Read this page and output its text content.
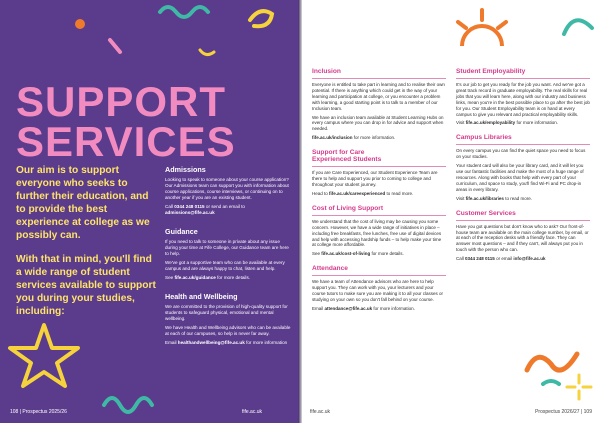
SUPPORT
SERVICES

Our aim is to support everyone who seeks to further their education, and to provide the best experience at college as we possibly can.

With that in mind, you'll find a wide range of student services available to support you during your studies, including:

Admissions

Looking to speak to someone about your course application? Our Admissions team can support you with information about course applications, course interviews, or continuing on to another year if you are an existing student.

Call 0344 248 0115 or send an email to admissions@fife.ac.uk

Guidance

If you need to talk to someone in private about any issue during your time at Fife College, our Guidance team are here to help.

We've got a supportive team who can be available at every campus and are always happy to chat, listen and help.

See fife.ac.uk/guidance for more details.

Health and Wellbeing

We are committed to the provision of high-quality support for students to safeguard physical, emotional and mental wellbeing.

We have Health and Wellbeing advisors who can be available at each of our campuses, so help is never far away.

Email healthandwellbeing@fife.ac.uk for more information

108 | Prospectus 2025/26	fife.ac.uk
Inclusion

Everyone is entitled to take part in learning and to realise their own potential. If there is anything which could get in the way of your learning and participation at college, or you encounter a problem with learning, a good starting point is to talk to a member of our Inclusion team.

We have an inclusion team available at Student Learning Hubs on every campus where you can drop in for advice and support when needed.

fife.ac.uk/inclusion for more information.

Support for Care
Experienced Students

If you are Care Experienced, our Student Experience Team are there to help and support you prior to coming to college and throughout your student journey.

Head to fife.ac.uk/careexperienced to read more.

Cost of Living Support

We understand that the cost of living may be causing you some concern. However, we have a wide range of initiatives in place – including free breakfasts, free lunches, free use of digital devices and help with accessing hardship funds – to help make your time at college more affordable.

See fife.ac.uk/cost-of-living for more details.

Attendance

We have a team of Attendance advisors who are here to help support you. They can work with you, your lecturers and your course tutors to make sure you are making it to all your classes or studying on your own so you don't fall behind on your course.

Email attendance@fife.ac.uk for more information.

Student Employability

It's our job to get you ready for the job you want. And we've got a great track record in graduate employability. The real skills for real jobs that you will learn here, along with our industry and business links, mean you're in the best possible place to go after the best job for you. Our Student Employability team is on hand at every campus to give you relevant and practical employability skills.

Visit fife.ac.uk/employability for more information.

Campus Libraries

On every campus you can find the quiet space you need to focus on your studies.

Your student card will also be your library card, and it will let you use our fantastic facilities and make the most of a huge range of resources. Along with books that help with every part of your curriculum, and space to study, you'll find Wi-Fi and PC drop-in areas in every library.

Visit fife.ac.uk/libraries to read more.

Customer Services

Have you got questions but don't know who to ask? Our front-of-house team are available on the main college number, by email, or at each of the reception desks with a friendly face. They can answer most questions – and if they can't, will always put you in touch with the person who can.

Call 0344 248 0115 or email info@fife.ac.uk

fife.ac.uk	Prospectus 2026/27 | 109
